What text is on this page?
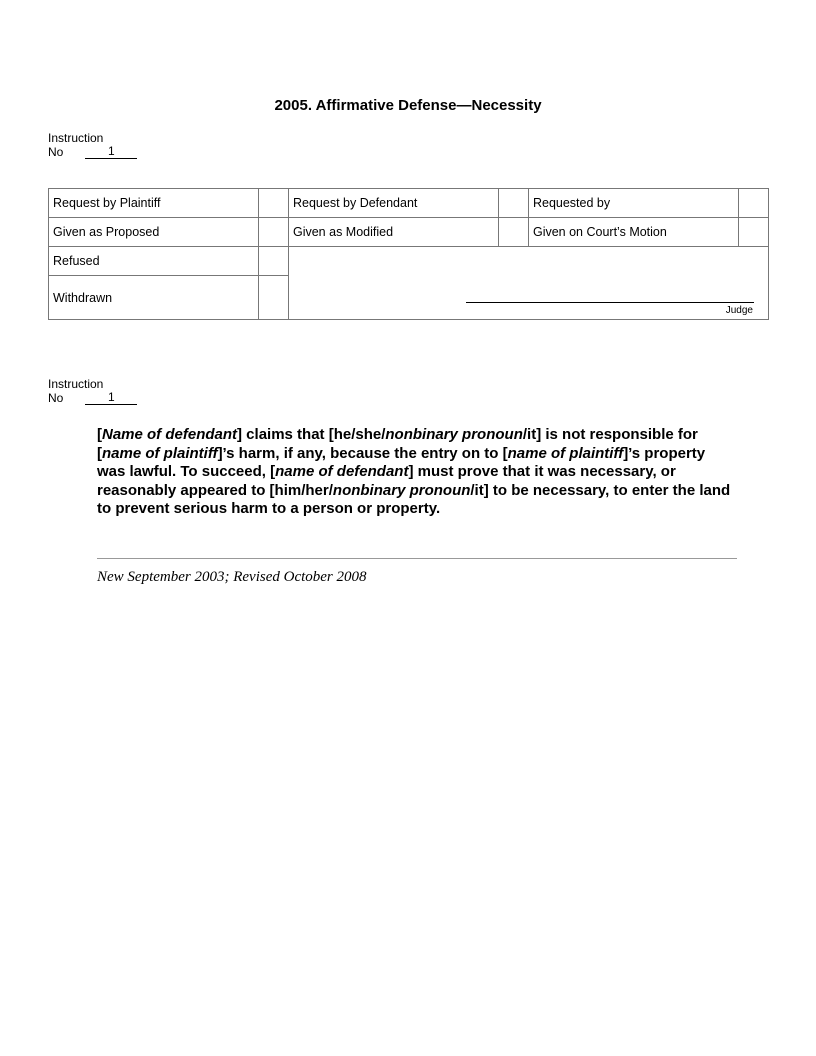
2005. Affirmative Defense—Necessity
Instruction
No	1
Request by Plaintiff		Request by Defendant		Requested by	
Given as Proposed		Given as Modified		Given on Court’s Motion	
Refused		Judge			

Withdrawn					
Instruction
No	1
[Name of defendant] claims that [he/she/nonbinary pronoun/it] is not responsible for [name of plaintiff]’s harm, if any, because the entry on to [name of plaintiff]’s property was lawful. To succeed, [name of defendant] must prove that it was necessary, or reasonably appeared to [him/her/nonbinary pronoun/it] to be necessary, to enter the land to prevent serious harm to a person or property.
New September 2003; Revised October 2008
